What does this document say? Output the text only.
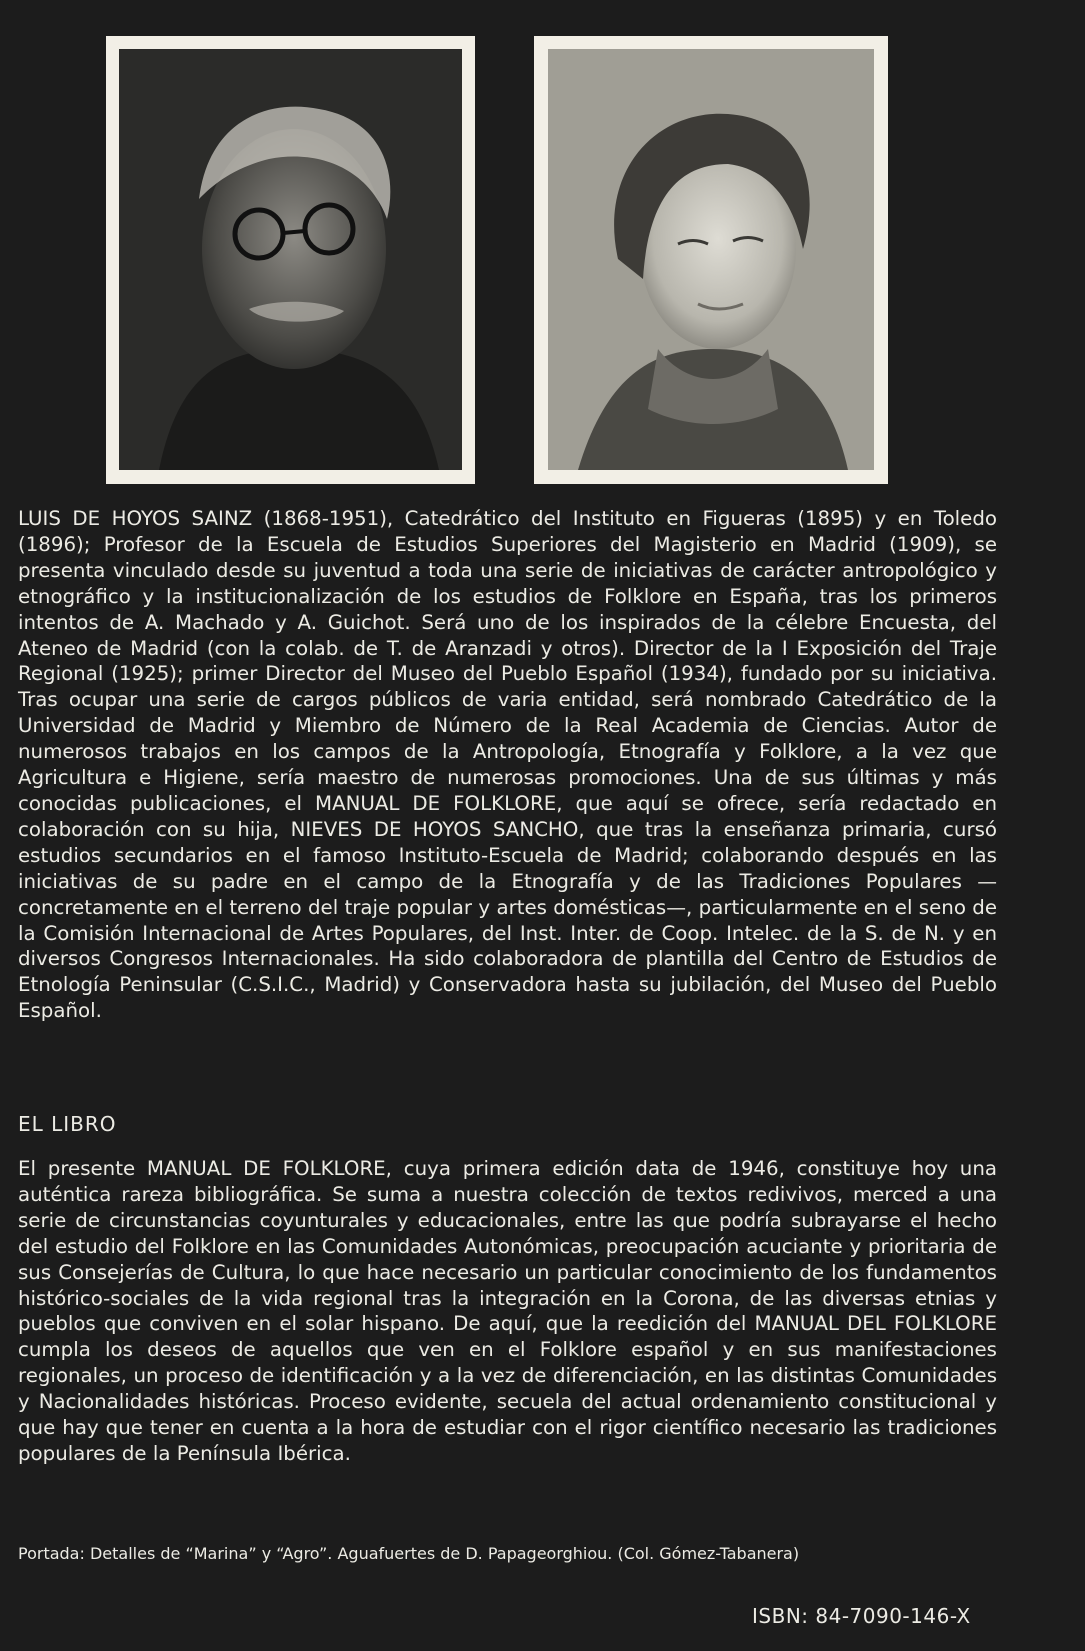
LUIS DE HOYOS SAINZ (1868-1951), Catedrático del Instituto en Figueras (1895) y en Toledo (1896); Profesor de la Escuela de Estudios Superiores del Magisterio en Madrid (1909), se presenta vinculado desde su juventud a toda una serie de iniciativas de carácter antropológico y etnográfico y la institucionalización de los estudios de Folklore en España, tras los primeros intentos de A. Machado y A. Guichot. Será uno de los inspirados de la célebre Encuesta, del Ateneo de Madrid (con la colab. de T. de Aranzadi y otros). Director de la I Exposición del Traje Regional (1925); primer Director del Museo del Pueblo Español (1934), fundado por su iniciativa. Tras ocupar una serie de cargos públicos de varia entidad, será nombrado Catedrático de la Universidad de Madrid y Miembro de Número de la Real Academia de Ciencias. Autor de numerosos trabajos en los campos de la Antropología, Etnografía y Folklore, a la vez que Agricultura e Higiene, sería maestro de numerosas promociones. Una de sus últimas y más conocidas publicaciones, el MANUAL DE FOLKLORE, que aquí se ofrece, sería redactado en colaboración con su hija, NIEVES DE HOYOS SANCHO, que tras la enseñanza primaria, cursó estudios secundarios en el famoso Instituto-Escuela de Madrid; colaborando después en las iniciativas de su padre en el campo de la Etnografía y de las Tradiciones Populares —concretamente en el terreno del traje popular y artes domésticas—, particularmente en el seno de la Comisión Internacional de Artes Populares, del Inst. Inter. de Coop. Intelec. de la S. de N. y en diversos Congresos Internacionales. Ha sido colaboradora de plantilla del Centro de Estudios de Etnología Peninsular (C.S.I.C., Madrid) y Conservadora hasta su jubilación, del Museo del Pueblo Español.
EL LIBRO
El presente MANUAL DE FOLKLORE, cuya primera edición data de 1946, constituye hoy una auténtica rareza bibliográfica. Se suma a nuestra colección de textos redivivos, merced a una serie de circunstancias coyunturales y educacionales, entre las que podría subrayarse el hecho del estudio del Folklore en las Comunidades Autonómicas, preocupación acuciante y prioritaria de sus Consejerías de Cultura, lo que hace necesario un particular conocimiento de los fundamentos histórico-sociales de la vida regional tras la integración en la Corona, de las diversas etnias y pueblos que conviven en el solar hispano. De aquí, que la reedición del MANUAL DEL FOLKLORE cumpla los deseos de aquellos que ven en el Folklore español y en sus manifestaciones regionales, un proceso de identificación y a la vez de diferenciación, en las distintas Comunidades y Nacionalidades históricas. Proceso evidente, secuela del actual ordenamiento constitucional y que hay que tener en cuenta a la hora de estudiar con el rigor científico necesario las tradiciones populares de la Península Ibérica.
Portada: Detalles de “Marina” y “Agro”. Aguafuertes de D. Papageorghiou. (Col. Gómez-Tabanera)
ISBN: 84-7090-146-X
